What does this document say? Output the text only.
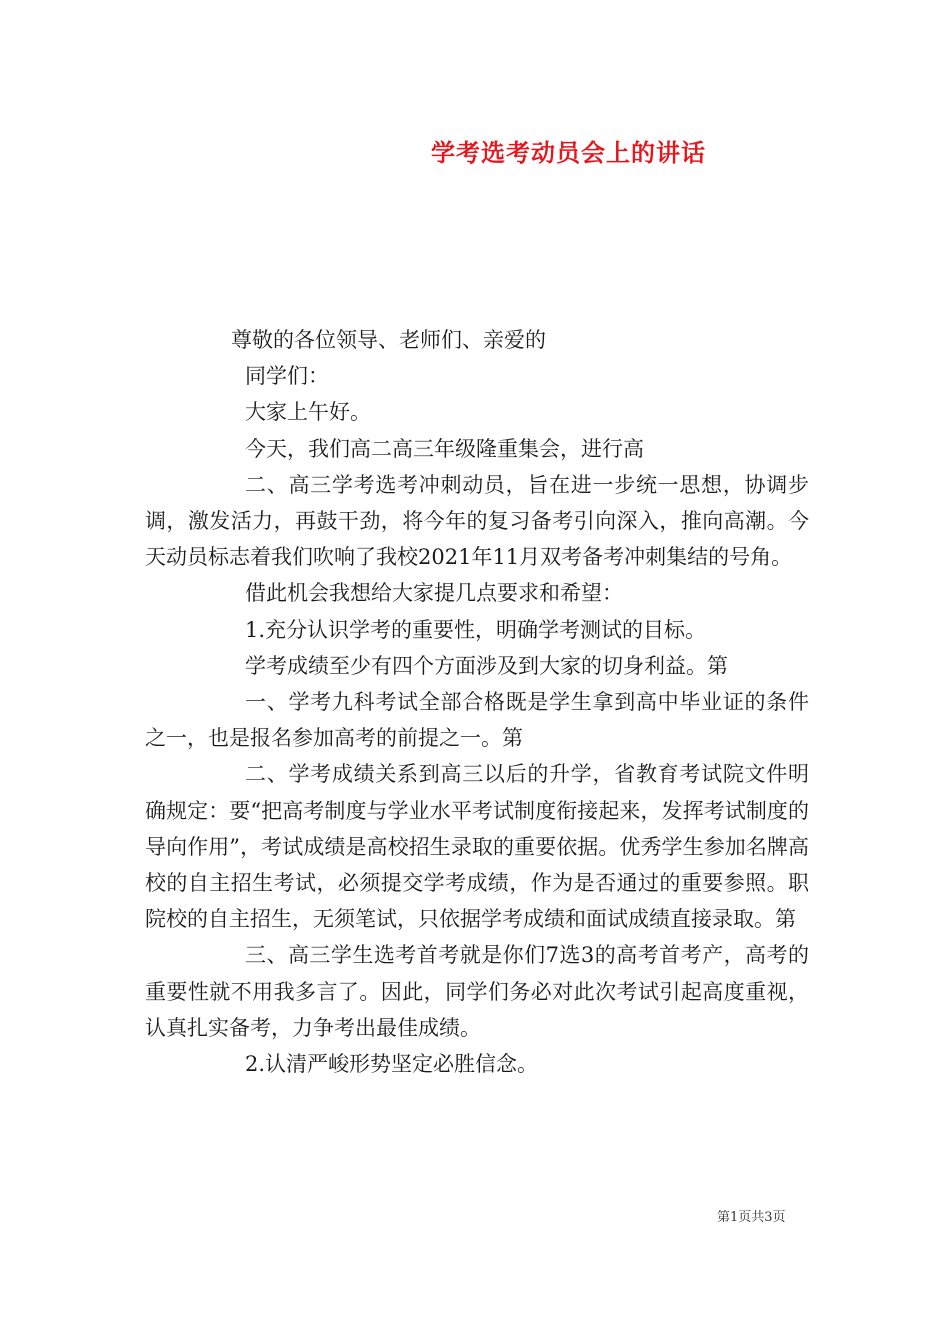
学考选考动员会上的讲话

尊敬的各位领导、老师们、亲爱的

同学们：

大家上午好。

今天，我们高二高三年级隆重集会，进行高

二、高三学考选考冲刺动员，旨在进一步统一思想，协调步调，激发活力，再鼓干劲，将今年的复习备考引向深入，推向高潮。今天动员标志着我们吹响了我校2021年11月双考备考冲刺集结的号角。

借此机会我想给大家提几点要求和希望：

1.充分认识学考的重要性，明确学考测试的目标。

学考成绩至少有四个方面涉及到大家的切身利益。第

一、学考九科考试全部合格既是学生拿到高中毕业证的条件之一，也是报名参加高考的前提之一。第

二、学考成绩关系到高三以后的升学，省教育考试院文件明确规定：要“把高考制度与学业水平考试制度衔接起来，发挥考试制度的导向作用”，考试成绩是高校招生录取的重要依据。优秀学生参加名牌高校的自主招生考试，必须提交学考成绩，作为是否通过的重要参照。职院校的自主招生，无须笔试，只依据学考成绩和面试成绩直接录取。第

三、高三学生选考首考就是你们7选3的高考首考产，高考的重要性就不用我多言了。因此，同学们务必对此次考试引起高度重视，认真扎实备考，力争考出最佳成绩。

2.认清严峻形势坚定必胜信念。

第1页共3页
